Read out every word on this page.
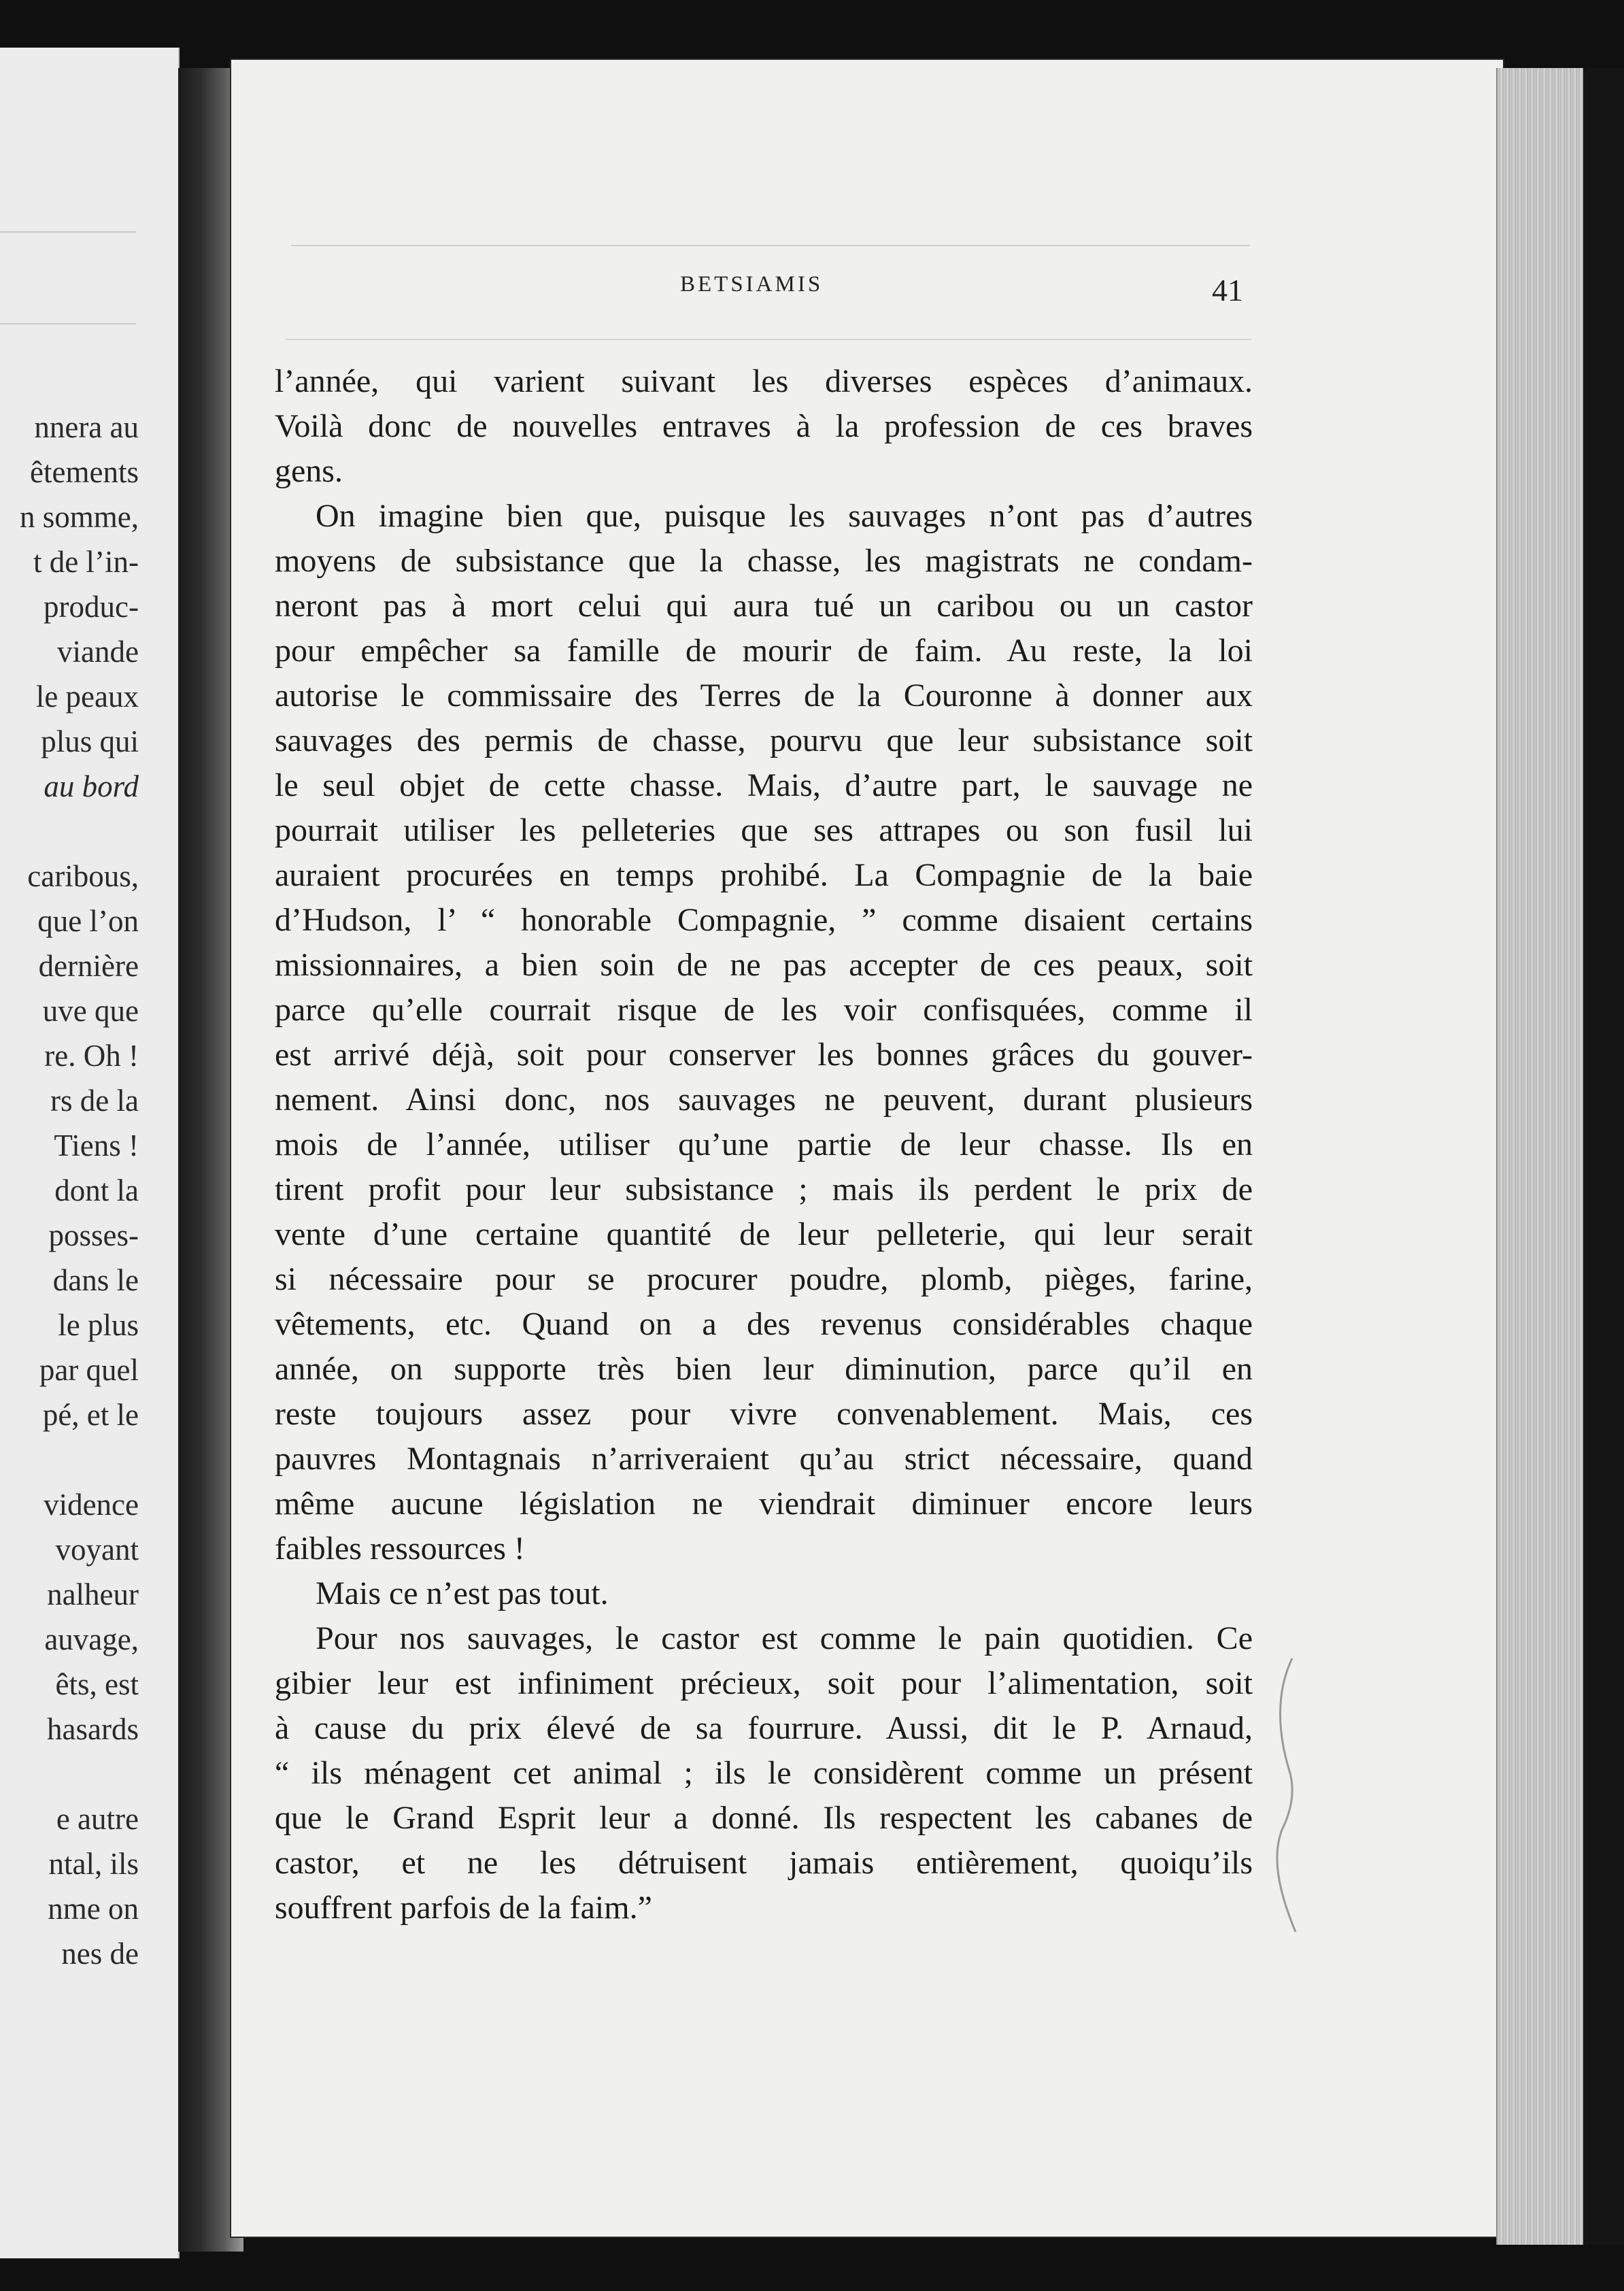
nnera au
êtements
n somme,
t de l’in-
produc-
viande
le peaux
plus qui
au bord
caribous,
que l’on
dernière
uve que
re. Oh !
rs de la
Tiens !
dont la
posses-
dans le
le plus
par quel
pé, et le
vidence
voyant
nalheur
auvage,
êts, est
hasards
e autre
ntal, ils
nme on
nes de
BETSIAMIS	41
l’année, qui varient suivant les diverses espèces d’animaux.
Voilà donc de nouvelles entraves à la profession de ces braves
gens.
On imagine bien que, puisque les sauvages n’ont pas d’autres
moyens de subsistance que la chasse, les magistrats ne condam-
neront pas à mort celui qui aura tué un caribou ou un castor
pour empêcher sa famille de mourir de faim. Au reste, la loi
autorise le commissaire des Terres de la Couronne à donner aux
sauvages des permis de chasse, pourvu que leur subsistance soit
le seul objet de cette chasse. Mais, d’autre part, le sauvage ne
pourrait utiliser les pelleteries que ses attrapes ou son fusil lui
auraient procurées en temps prohibé. La Compagnie de la baie
d’Hudson, l’ “ honorable Compagnie, ” comme disaient certains
missionnaires, a bien soin de ne pas accepter de ces peaux, soit
parce qu’elle courrait risque de les voir confisquées, comme il
est arrivé déjà, soit pour conserver les bonnes grâces du gouver-
nement. Ainsi donc, nos sauvages ne peuvent, durant plusieurs
mois de l’année, utiliser qu’une partie de leur chasse. Ils en
tirent profit pour leur subsistance ; mais ils perdent le prix de
vente d’une certaine quantité de leur pelleterie, qui leur serait
si nécessaire pour se procurer poudre, plomb, pièges, farine,
vêtements, etc. Quand on a des revenus considérables chaque
année, on supporte très bien leur diminution, parce qu’il en
reste toujours assez pour vivre convenablement. Mais, ces
pauvres Montagnais n’arriveraient qu’au strict nécessaire, quand
même aucune législation ne viendrait diminuer encore leurs
faibles ressources !
Mais ce n’est pas tout.
Pour nos sauvages, le castor est comme le pain quotidien. Ce
gibier leur est infiniment précieux, soit pour l’alimentation, soit
à cause du prix élevé de sa fourrure. Aussi, dit le P. Arnaud,
“ ils ménagent cet animal ; ils le considèrent comme un présent
que le Grand Esprit leur a donné. Ils respectent les cabanes de
castor, et ne les détruisent jamais entièrement, quoiqu’ils
souffrent parfois de la faim.”
